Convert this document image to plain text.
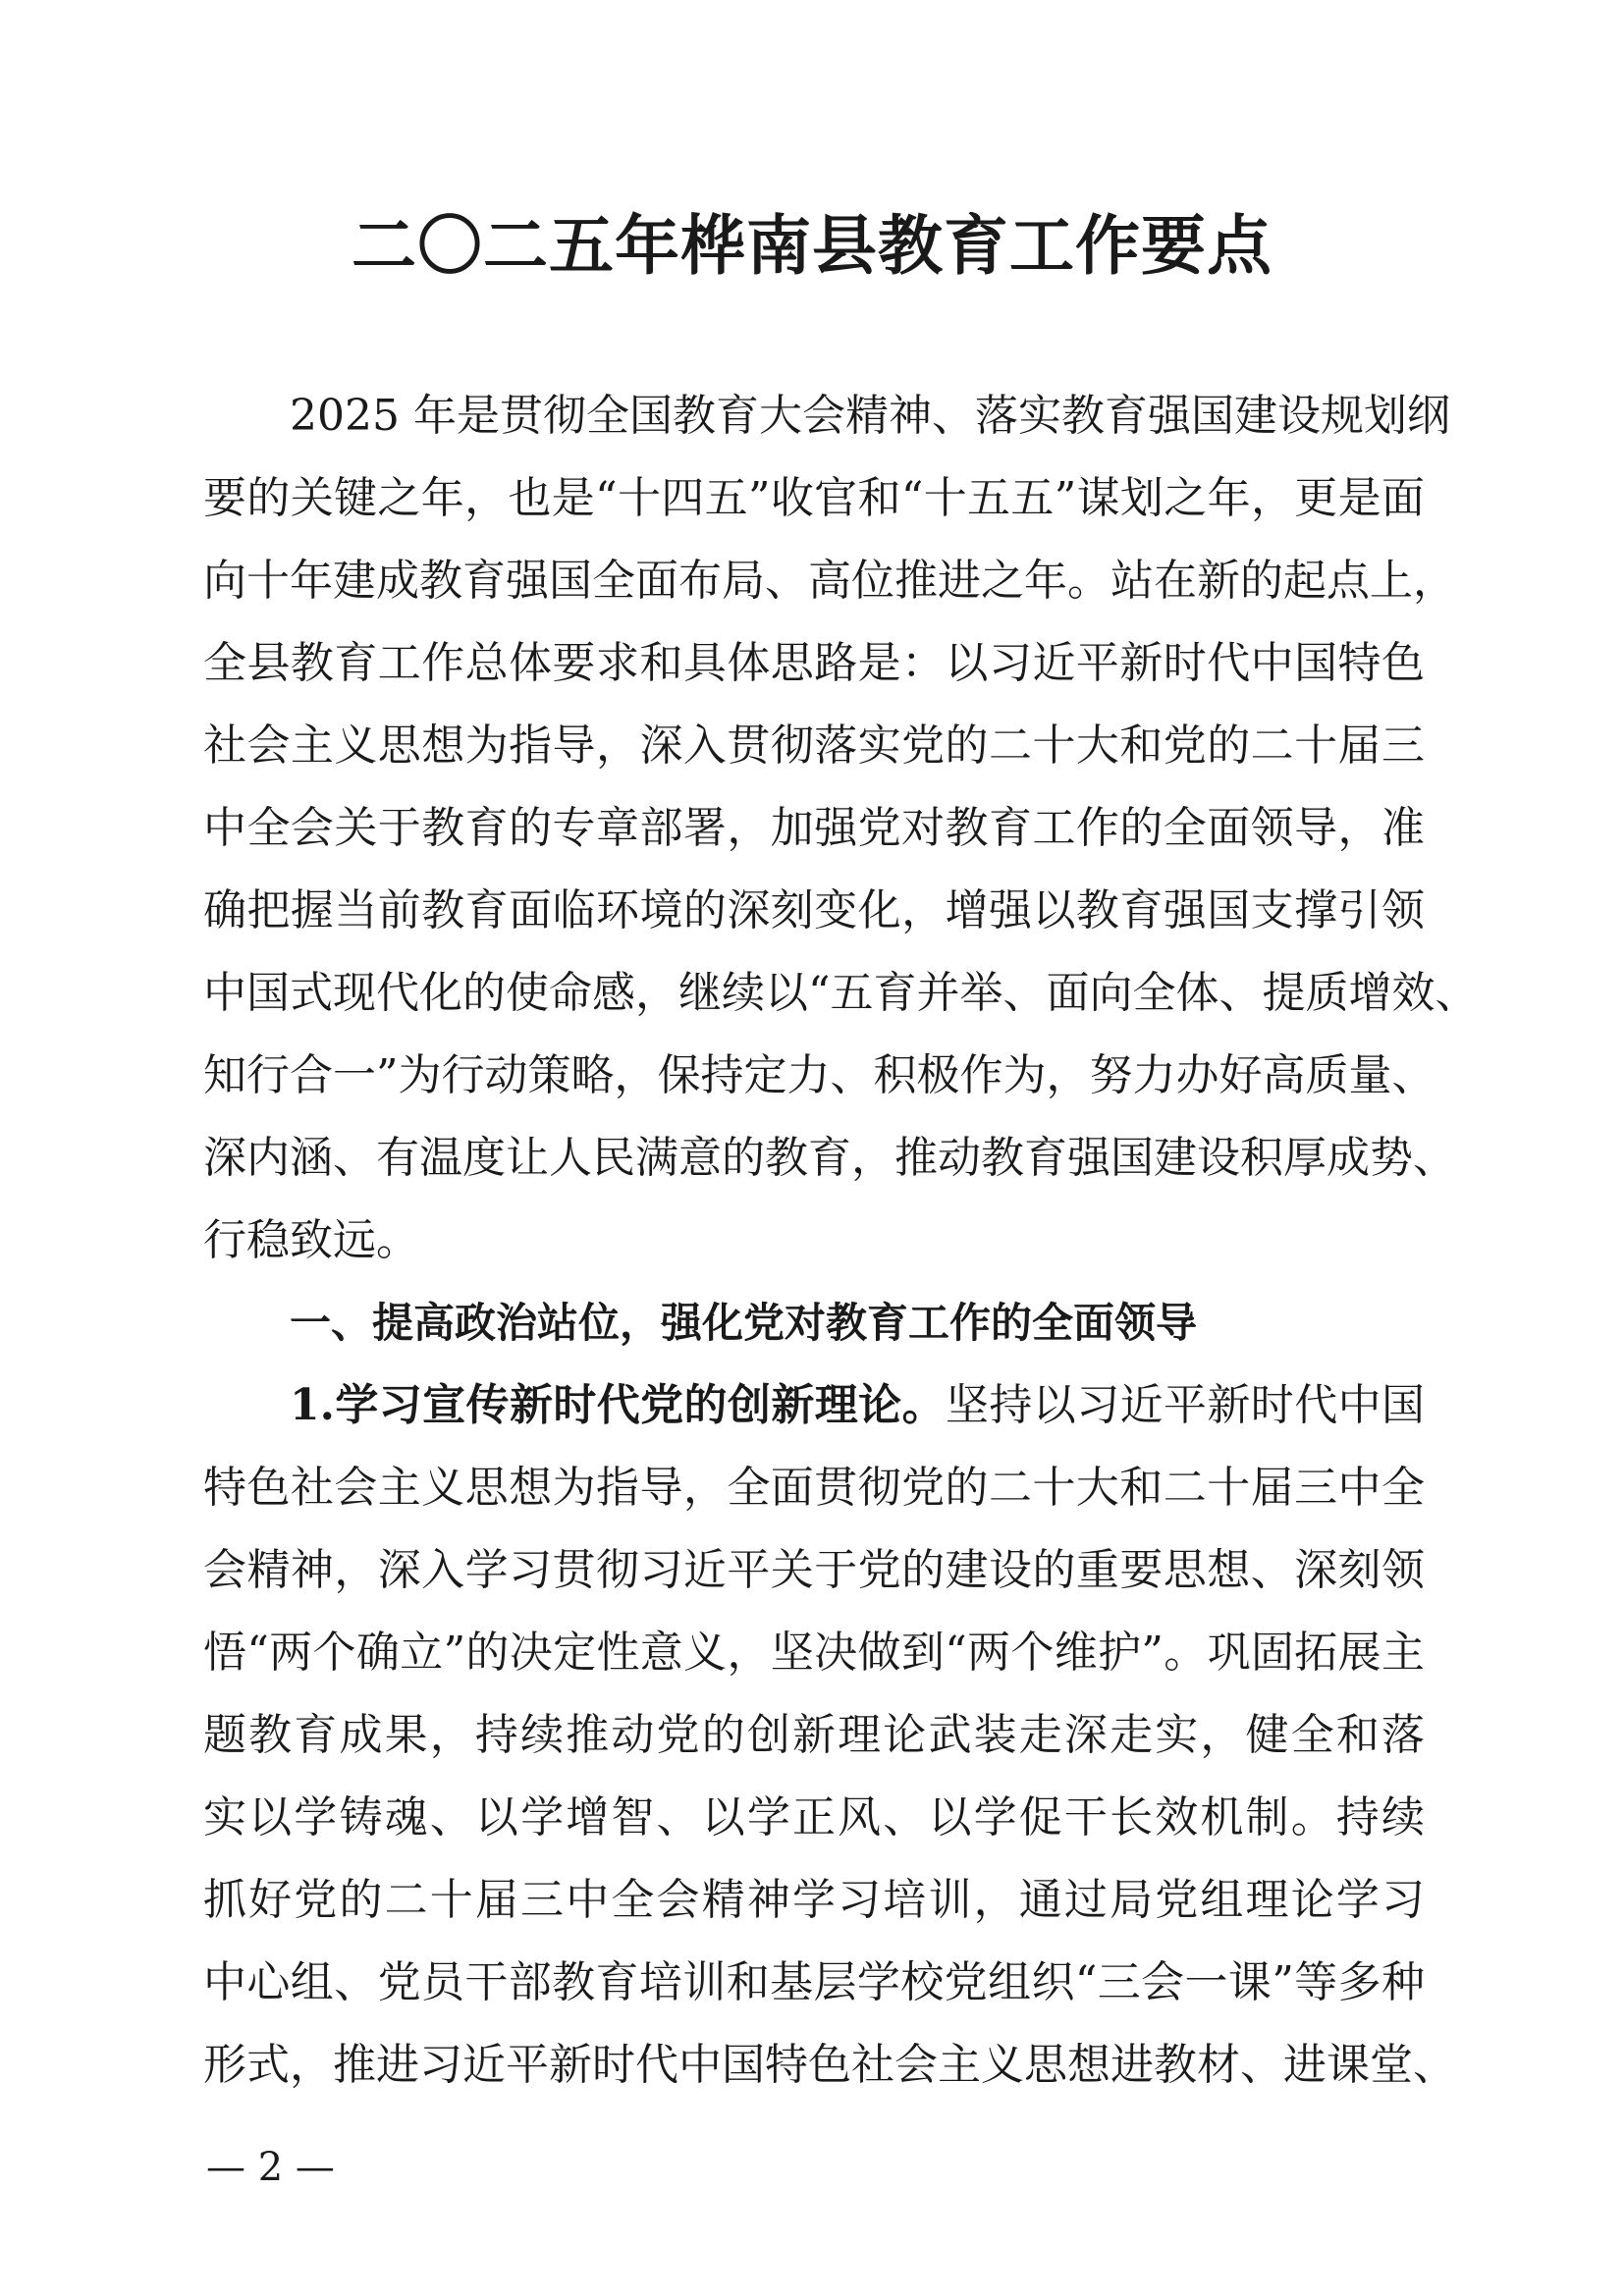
二〇二五年桦南县教育工作要点

2025 年是贯彻全国教育大会精神、落实教育强国建设规划纲

要的关键之年，也是“十四五”收官和“十五五”谋划之年，更是面

向十年建成教育强国全面布局、高位推进之年。站在新的起点上，

全县教育工作总体要求和具体思路是：以习近平新时代中国特色

社会主义思想为指导，深入贯彻落实党的二十大和党的二十届三

中全会关于教育的专章部署，加强党对教育工作的全面领导，准

确把握当前教育面临环境的深刻变化，增强以教育强国支撑引领

中国式现代化的使命感，继续以“五育并举、面向全体、提质增效、

知行合一”为行动策略，保持定力、积极作为，努力办好高质量、

深内涵、有温度让人民满意的教育，推动教育强国建设积厚成势、

行稳致远。

一、提高政治站位，强化党对教育工作的全面领导

1.学习宣传新时代党的创新理论。坚持以习近平新时代中国

特色社会主义思想为指导，全面贯彻党的二十大和二十届三中全

会精神，深入学习贯彻习近平关于党的建设的重要思想、深刻领

悟“两个确立”的决定性意义，坚决做到“两个维护”。巩固拓展主

题教育成果，持续推动党的创新理论武装走深走实，健全和落

实以学铸魂、以学增智、以学正风、以学促干长效机制。持续

抓好党的二十届三中全会精神学习培训，通过局党组理论学习

中心组、党员干部教育培训和基层学校党组织“三会一课”等多种

形式，推进习近平新时代中国特色社会主义思想进教材、进课堂、

— 2 —
